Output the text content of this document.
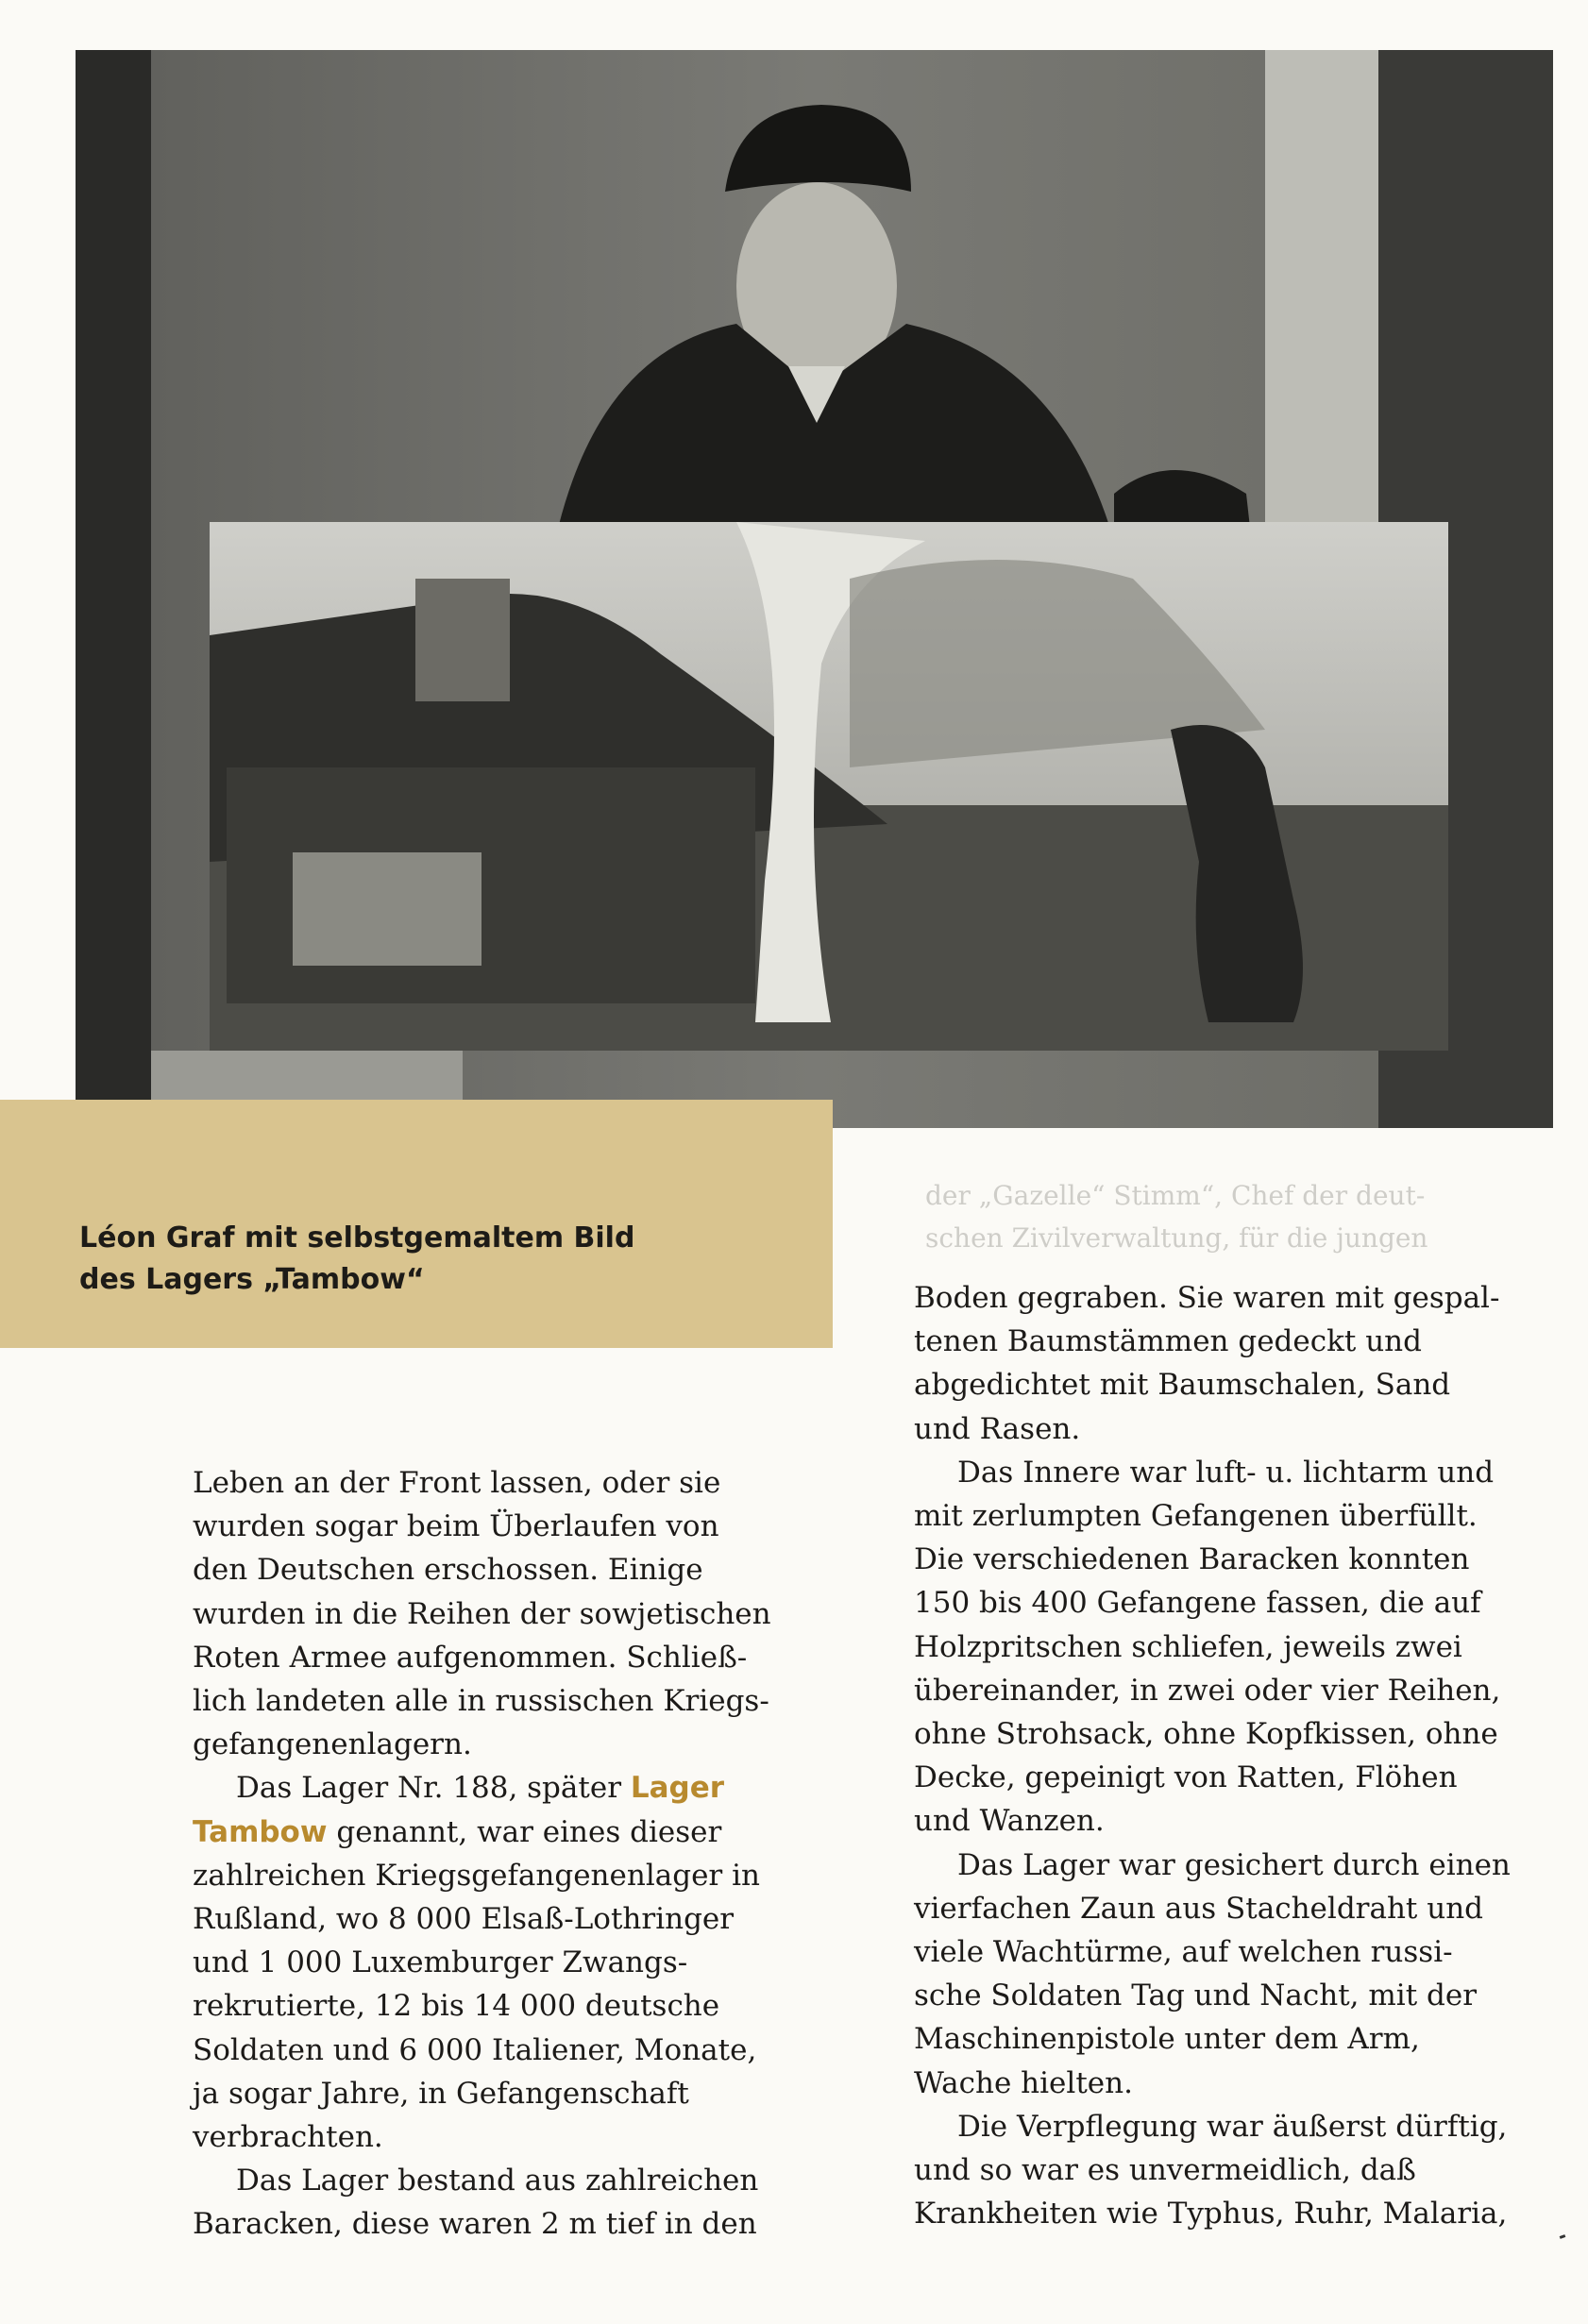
Léon Graf mit selbstgemaltem Bild
des Lagers „Tambow“
der „Gazelle“ Stimm“, Chef der deut-
schen Zivilverwaltung, für die jungen
Leben an der Front lassen, oder sie
wurden sogar beim Überlaufen von
den Deutschen erschossen. Einige
wurden in die Reihen der sowjetischen
Roten Armee aufgenommen. Schließ-
lich landeten alle in russischen Kriegs-
gefangenenlagern.
Das Lager Nr. 188, später Lager
Tambow genannt, war eines dieser
zahlreichen Kriegsgefangenenlager in
Rußland, wo 8 000 Elsaß-Lothringer
und 1 000 Luxemburger Zwangs-
rekrutierte, 12 bis 14 000 deutsche
Soldaten und 6 000 Italiener, Monate,
ja sogar Jahre, in Gefangenschaft
verbrachten.
Das Lager bestand aus zahlreichen
Baracken, diese waren 2 m tief in den
Boden gegraben. Sie waren mit gespal-
tenen Baumstämmen gedeckt und
abgedichtet mit Baumschalen, Sand
und Rasen.
Das Innere war luft- u. lichtarm und
mit zerlumpten Gefangenen überfüllt.
Die verschiedenen Baracken konnten
150 bis 400 Gefangene fassen, die auf
Holzpritschen schliefen, jeweils zwei
übereinander, in zwei oder vier Reihen,
ohne Strohsack, ohne Kopfkissen, ohne
Decke, gepeinigt von Ratten, Flöhen
und Wanzen.
Das Lager war gesichert durch einen
vierfachen Zaun aus Stacheldraht und
viele Wachtürme, auf welchen russi-
sche Soldaten Tag und Nacht, mit der
Maschinenpistole unter dem Arm,
Wache hielten.
Die Verpflegung war äußerst dürftig,
und so war es unvermeidlich, daß
Krankheiten wie Typhus, Ruhr, Malaria,
